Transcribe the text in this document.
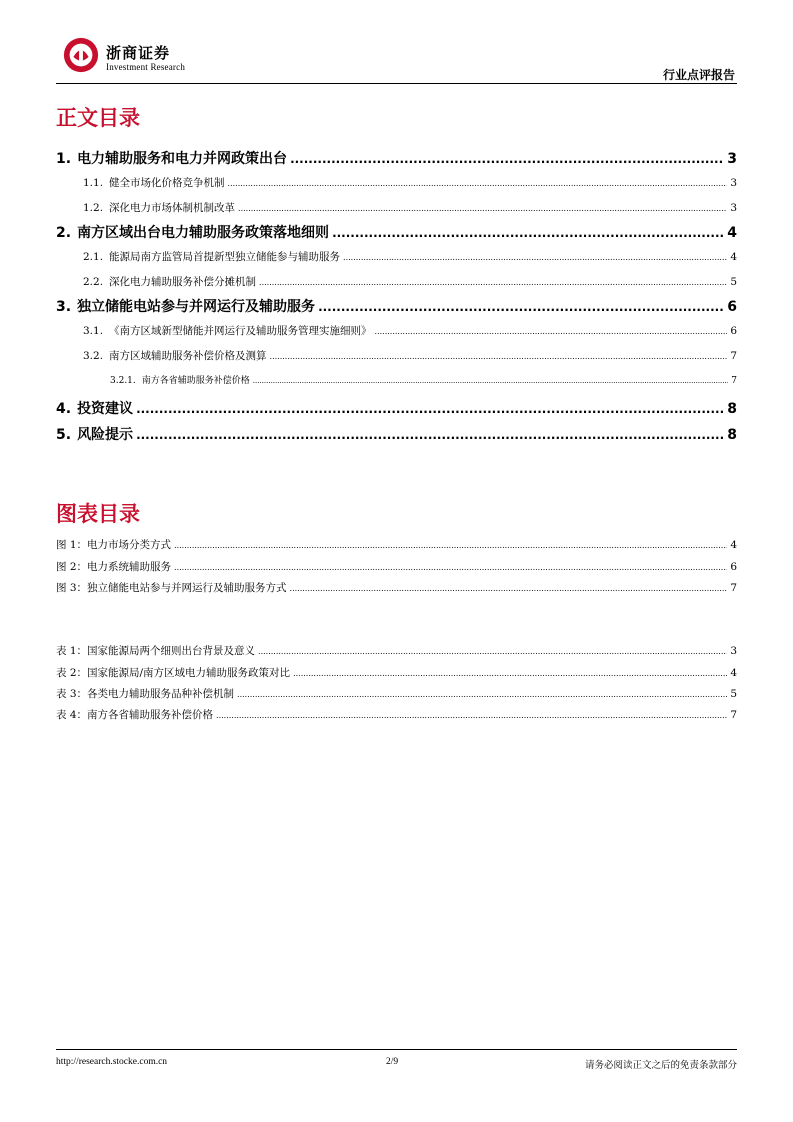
浙商证券
Investment Research
行业点评报告
正文目录
1. 电力辅助服务和电力并网政策出台 .....	3
1.1. 健全市场化价格竞争机制 .....	3
1.2. 深化电力市场体制机制改革 .....	3
2. 南方区域出台电力辅助服务政策落地细则 .....	4
2.1. 能源局南方监管局首提新型独立储能参与辅助服务 .....	4
2.2. 深化电力辅助服务补偿分摊机制 .....	5
3. 独立储能电站参与并网运行及辅助服务 .....	6
3.1. 《南方区域新型储能并网运行及辅助服务管理实施细则》 .....	6
3.2. 南方区域辅助服务补偿价格及测算 .....	7
3.2.1. 南方各省辅助服务补偿价格 .....	7
4. 投资建议 .....	8
5. 风险提示 .....	8
图表目录
图 1：电力市场分类方式 .....	4
图 2：电力系统辅助服务 .....	6
图 3：独立储能电站参与并网运行及辅助服务方式 .....	7
表 1：国家能源局两个细则出台背景及意义 .....	3
表 2：国家能源局/南方区域电力辅助服务政策对比 .....	4
表 3：各类电力辅助服务品种补偿机制 .....	5
表 4：南方各省辅助服务补偿价格 .....	7
http://research.stocke.com.cn	2/9	请务必阅读正文之后的免责条款部分
